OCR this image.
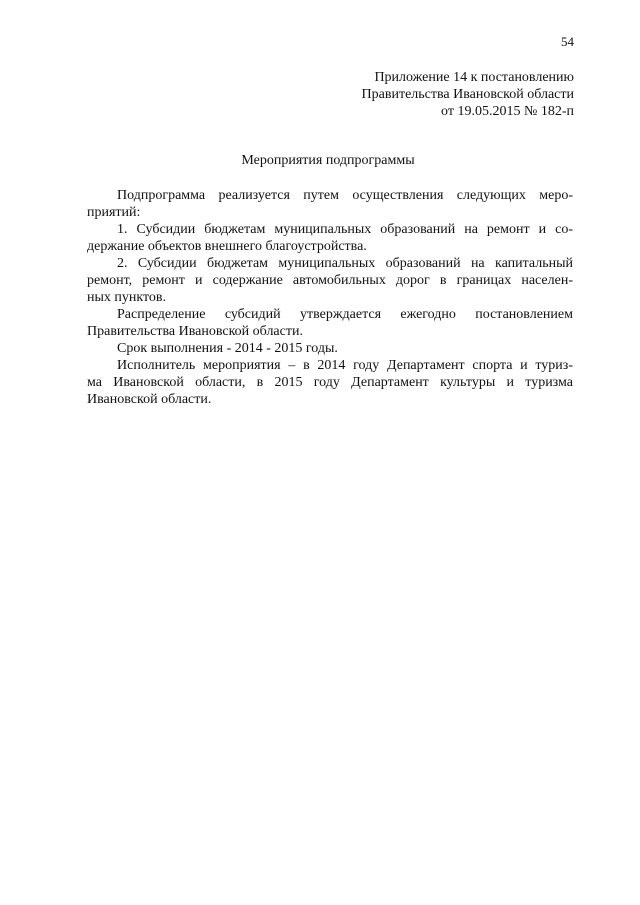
54
Приложение 14 к постановлению
Правительства Ивановской области
от 19.05.2015 № 182-п
Мероприятия подпрограммы
Подпрограмма реализуется путем осуществления следующих меро-
приятий:
1. Субсидии бюджетам муниципальных образований на ремонт и со-
держание объектов внешнего благоустройства.
2. Субсидии бюджетам муниципальных образований на капитальный
ремонт, ремонт и содержание автомобильных дорог в границах населен-
ных пунктов.
Распределение субсидий утверждается ежегодно постановлением
Правительства Ивановской области.
Срок выполнения - 2014 - 2015 годы.
Исполнитель мероприятия – в 2014 году Департамент спорта и туриз-
ма Ивановской области, в 2015 году Департамент культуры и туризма
Ивановской области.
